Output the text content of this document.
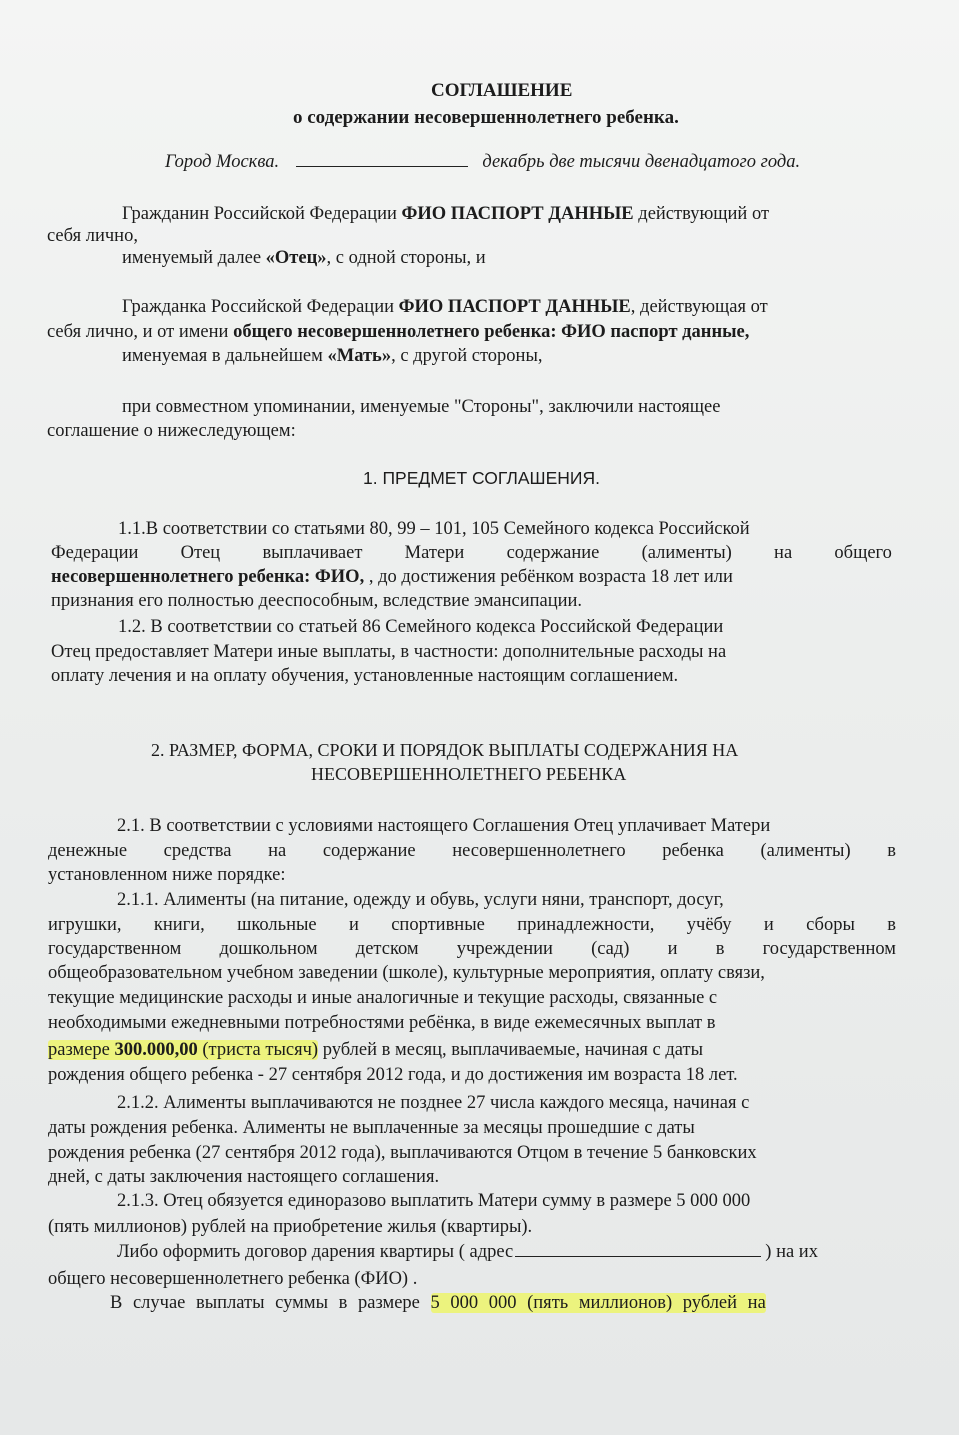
СОГЛАШЕНИЕ
о содержании несовершеннолетнего ребенка.
Город Москва.	декабрь две тысячи двенадцатого года.
Гражданин Российской Федерации ФИО ПАСПОРТ ДАННЫЕ действующий от
себя лично,
именуемый далее «Отец», с одной стороны, и
Гражданка Российской Федерации ФИО ПАСПОРТ ДАННЫЕ, действующая от
себя лично, и от имени общего несовершеннолетнего ребенка: ФИО паспорт данные,
именуемая в дальнейшем «Мать», с другой стороны,
при совместном упоминании, именуемые "Стороны", заключили настоящее
соглашение о нижеследующем:
1. ПРЕДМЕТ СОГЛАШЕНИЯ.
1.1.В соответствии со статьями 80, 99 – 101, 105 Семейного кодекса Российской
Федерации Отец выплачивает Матери содержание (алименты) на общего
несовершеннолетнего ребенка: ФИО, , до достижения ребёнком возраста 18 лет или
признания его полностью дееспособным, вследствие эмансипации.
1.2. В соответствии со статьей 86 Семейного кодекса Российской Федерации
Отец предоставляет Матери иные выплаты, в частности: дополнительные расходы на
оплату лечения и на оплату обучения, установленные настоящим соглашением.
2. РАЗМЕР, ФОРМА, СРОКИ И ПОРЯДОК ВЫПЛАТЫ СОДЕРЖАНИЯ НА
НЕСОВЕРШЕННОЛЕТНЕГО РЕБЕНКА
2.1. В соответствии с условиями настоящего Соглашения Отец уплачивает Матери
денежные средства на содержание несовершеннолетнего ребенка (алименты) в
установленном ниже порядке:
2.1.1. Алименты (на питание, одежду и обувь, услуги няни, транспорт, досуг,
игрушки, книги, школьные и спортивные принадлежности, учёбу и сборы в
государственном дошкольном детском учреждении (сад) и в государственном
общеобразовательном учебном заведении (школе), культурные мероприятия, оплату связи,
текущие медицинские расходы и иные аналогичные и текущие расходы, связанные с
необходимыми ежедневными потребностями ребёнка, в виде ежемесячных выплат в
размере 300.000,00 (триста тысяч) рублей в месяц, выплачиваемые, начиная с даты
рождения общего ребенка - 27 сентября 2012 года, и до достижения им возраста 18 лет.
2.1.2. Алименты выплачиваются не позднее 27 числа каждого месяца, начиная с
даты рождения ребенка. Алименты не выплаченные за месяцы прошедшие с даты
рождения ребенка (27 сентября 2012 года), выплачиваются Отцом в течение 5 банковских
дней, с даты заключения настоящего соглашения.
2.1.3. Отец обязуется единоразово выплатить Матери сумму в размере 5 000 000
(пять миллионов) рублей на приобретение жилья (квартиры).
Либо оформить договор дарения квартиры ( адрес	) на их
общего несовершеннолетнего ребенка (ФИО) .
В случае выплаты суммы в размере 5 000 000 (пять миллионов) рублей на
